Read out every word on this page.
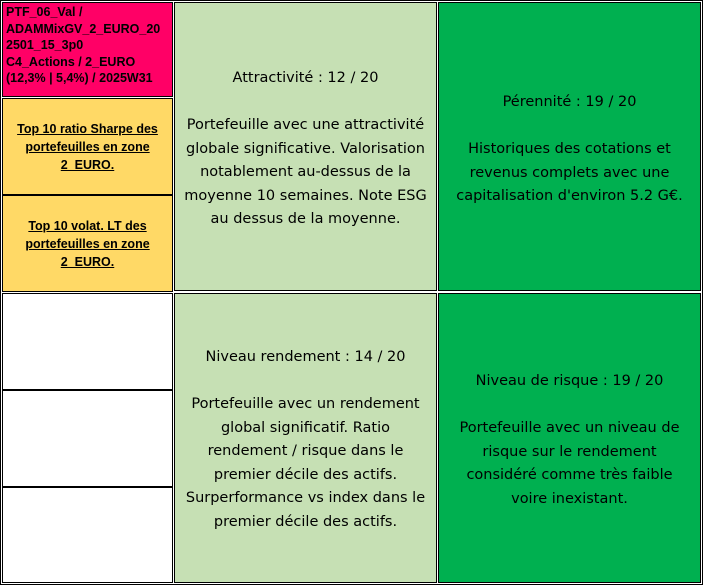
PTF_06_Val /
ADAMMixGV_2_EURO_20
2501_15_3p0
C4_Actions / 2_EURO
(12,3% | 5,4%) / 2025W31
Top 10 ratio Sharpe des portefeuilles en zone 2_EURO.
Top 10 volat. LT des portefeuilles en zone 2_EURO.
Attractivité : 12 / 20
Portefeuille avec une attractivité
globale significative. Valorisation
notablement au-dessus de la
moyenne 10 semaines. Note ESG
au dessus de la moyenne.
Pérennité : 19 / 20
Historiques des cotations et
revenus complets avec une
capitalisation d'environ 5.2 G€.
Niveau rendement : 14 / 20
Portefeuille avec un rendement
global significatif. Ratio
rendement / risque dans le
premier décile des actifs.
Surperformance vs index dans le
premier décile des actifs.
Niveau de risque : 19 / 20
Portefeuille avec un niveau de
risque sur le rendement
considéré comme très faible
voire inexistant.
